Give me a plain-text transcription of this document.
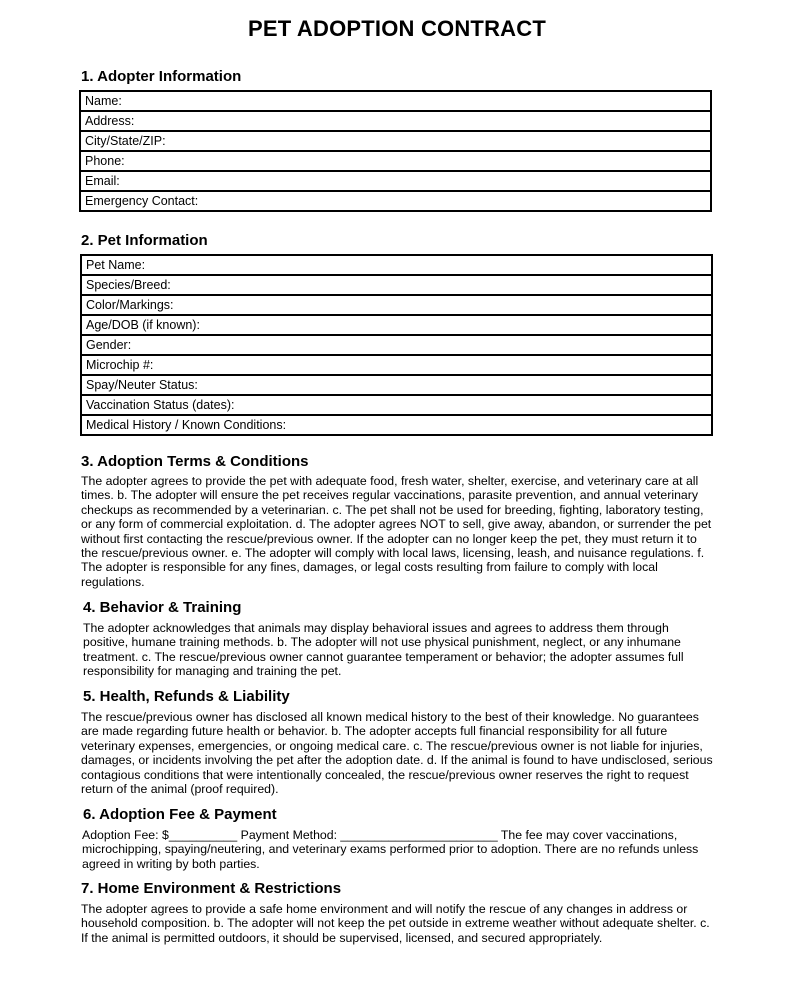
PET ADOPTION CONTRACT
1. Adopter Information
Name:
Address:
City/State/ZIP:
Phone:
Email:
Emergency Contact:
2. Pet Information
Pet Name:
Species/Breed:
Color/Markings:
Age/DOB (if known):
Gender:
Microchip #:
Spay/Neuter Status:
Vaccination Status (dates):
Medical History / Known Conditions:
3. Adoption Terms & Conditions

The adopter agrees to provide the pet with adequate food, fresh water, shelter, exercise, and veterinary care at all times. b. The adopter will ensure the pet receives regular vaccinations, parasite prevention, and annual veterinary checkups as recommended by a veterinarian. c. The pet shall not be used for breeding, fighting, laboratory testing, or any form of commercial exploitation. d. The adopter agrees NOT to sell, give away, abandon, or surrender the pet without first contacting the rescue/previous owner. If the adopter can no longer keep the pet, they must return it to the rescue/previous owner. e. The adopter will comply with local laws, licensing, leash, and nuisance regulations. f. The adopter is responsible for any fines, damages, or legal costs resulting from failure to comply with local regulations.

4. Behavior & Training

The adopter acknowledges that animals may display behavioral issues and agrees to address them through positive, humane training methods. b. The adopter will not use physical punishment, neglect, or any inhumane treatment. c. The rescue/previous owner cannot guarantee temperament or behavior; the adopter assumes full responsibility for managing and training the pet.

5. Health, Refunds & Liability

The rescue/previous owner has disclosed all known medical history to the best of their knowledge. No guarantees are made regarding future health or behavior. b. The adopter accepts full financial responsibility for all future veterinary expenses, emergencies, or ongoing medical care. c. The rescue/previous owner is not liable for injuries, damages, or incidents involving the pet after the adoption date. d. If the animal is found to have undisclosed, serious contagious conditions that were intentionally concealed, the rescue/previous owner reserves the right to request return of the animal (proof required).

6. Adoption Fee & Payment

Adoption Fee: $__________ Payment Method: _______________________ The fee may cover vaccinations, microchipping, spaying/neutering, and veterinary exams performed prior to adoption. There are no refunds unless agreed in writing by both parties.

7. Home Environment & Restrictions

The adopter agrees to provide a safe home environment and will notify the rescue of any changes in address or household composition. b. The adopter will not keep the pet outside in extreme weather without adequate shelter. c. If the animal is permitted outdoors, it should be supervised, licensed, and secured appropriately.
